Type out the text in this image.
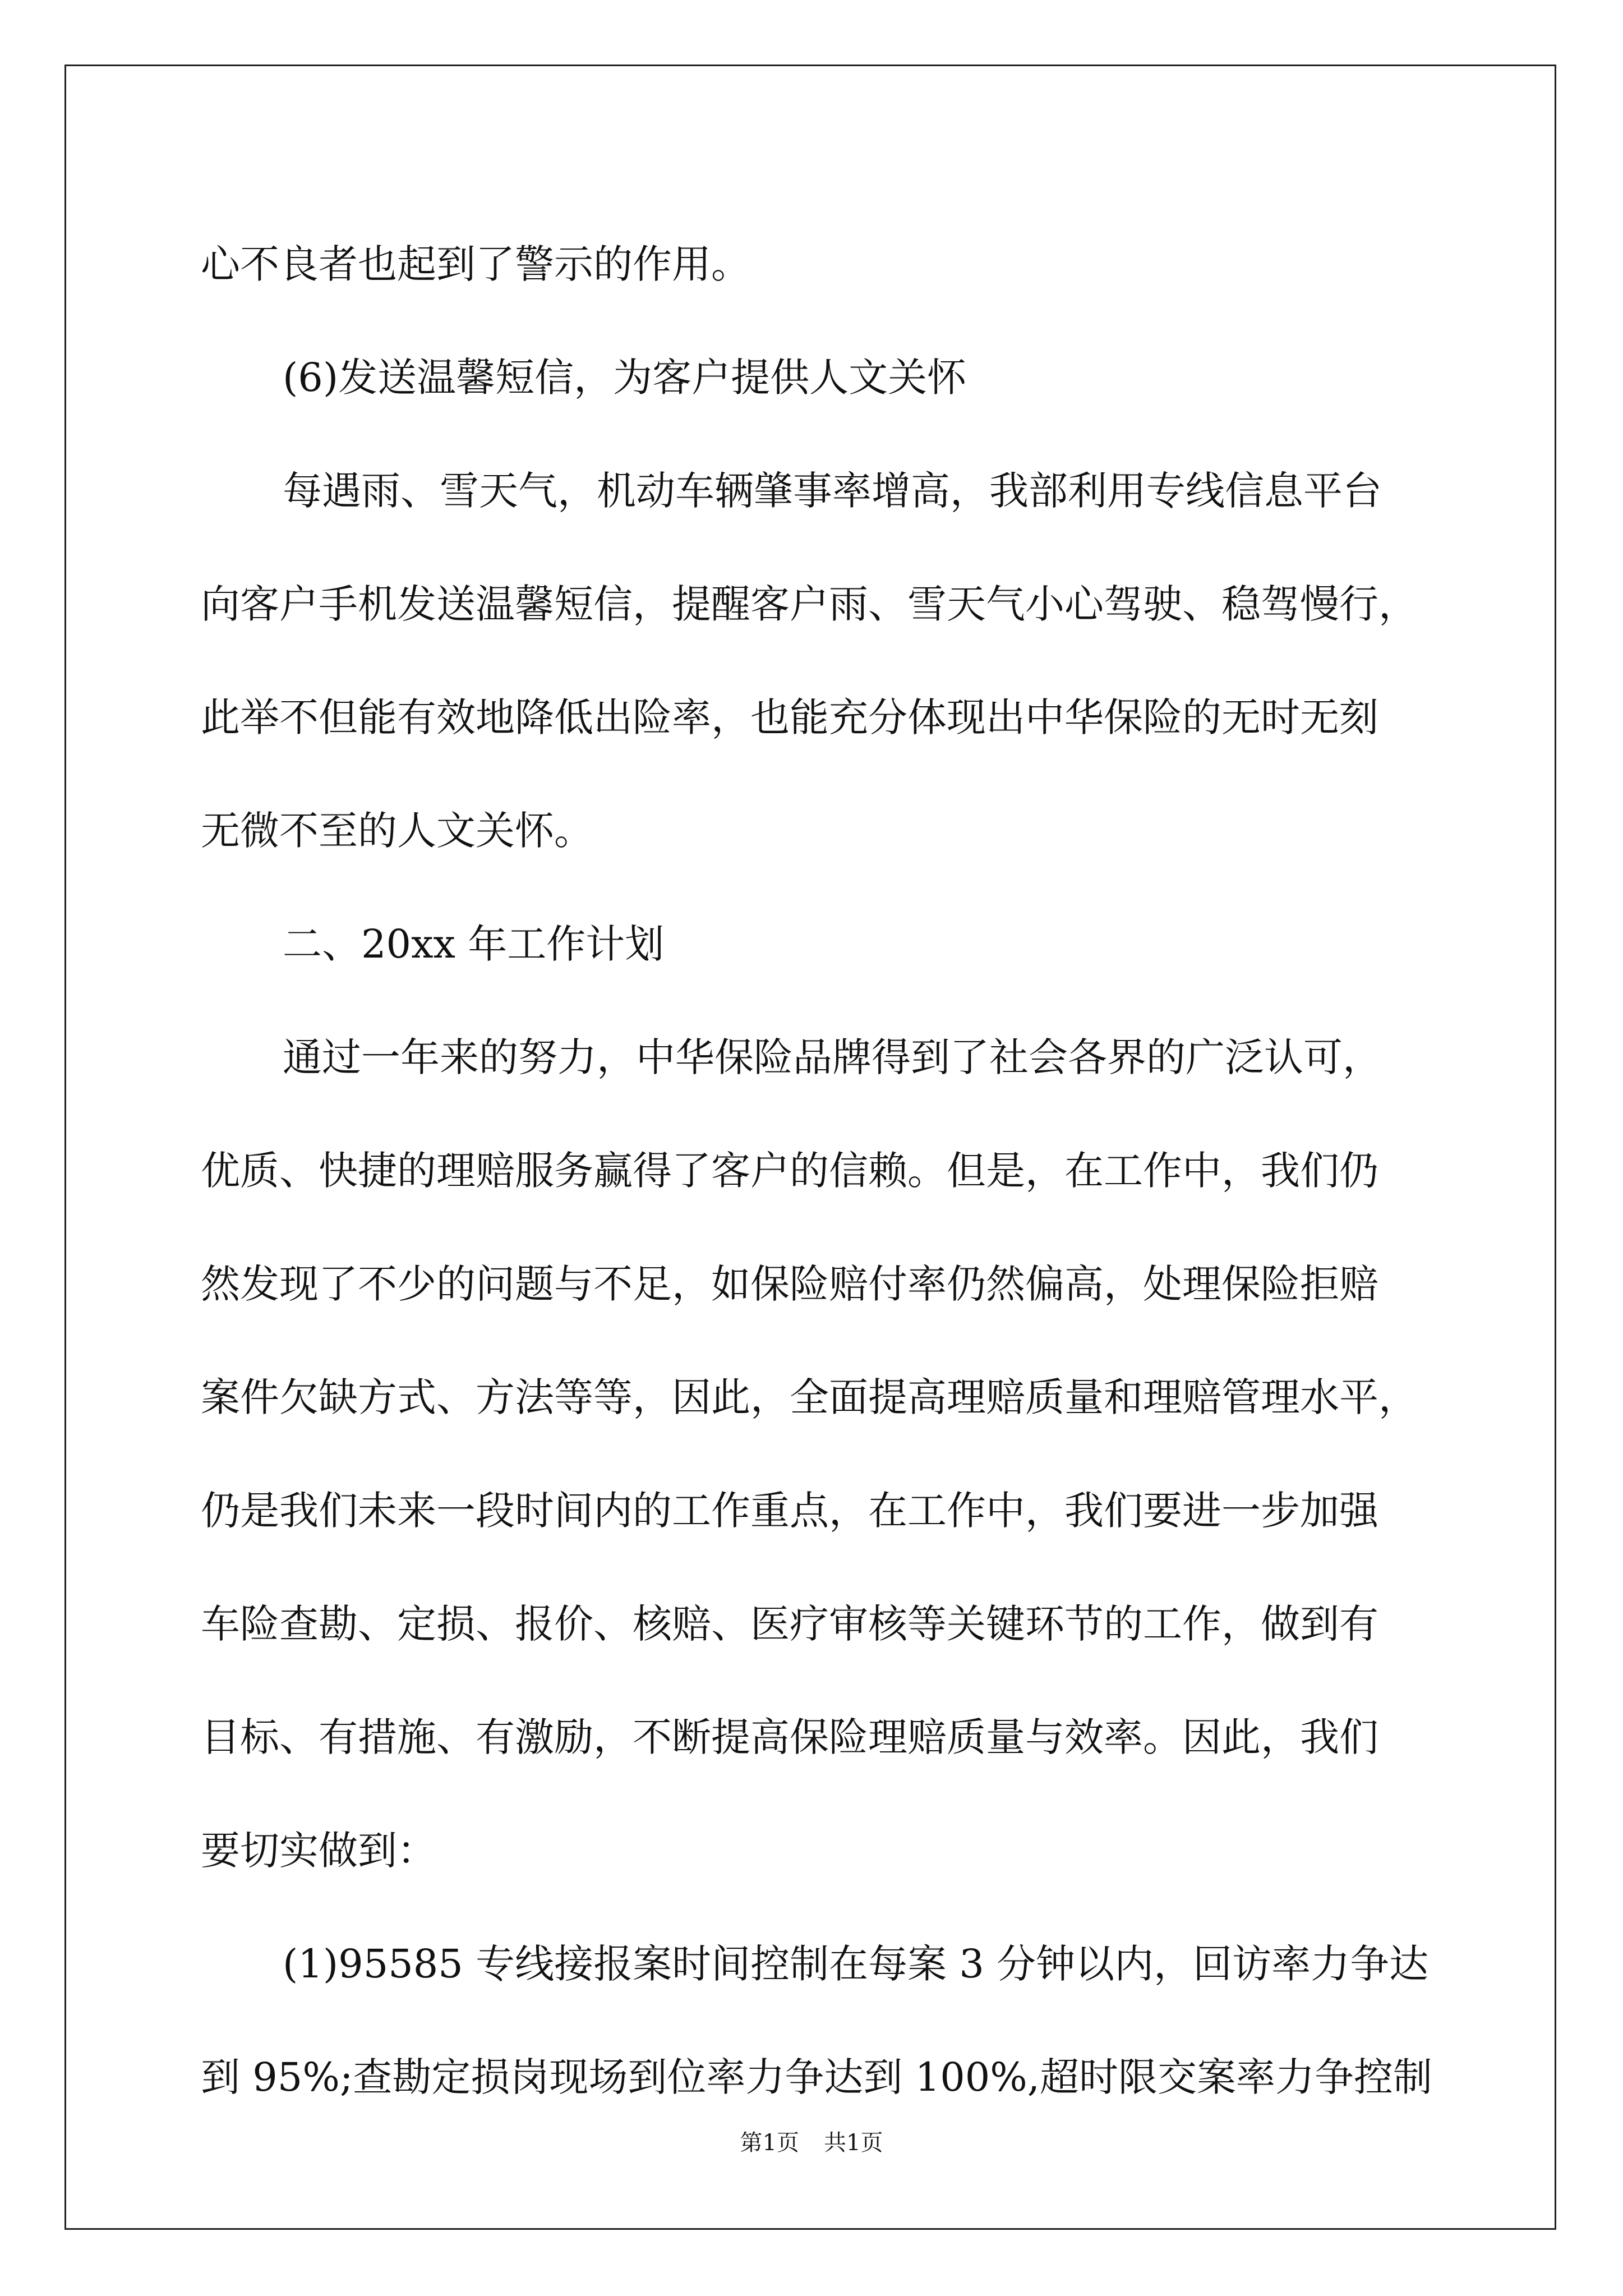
心不良者也起到了警示的作用。
(6)发送温馨短信，为客户提供人文关怀
每遇雨、雪天气，机动车辆肇事率增高，我部利用专线信息平台
向客户手机发送温馨短信，提醒客户雨、雪天气小心驾驶、稳驾慢行，
此举不但能有效地降低出险率，也能充分体现出中华保险的无时无刻
无微不至的人文关怀。
二、20xx 年工作计划
通过一年来的努力，中华保险品牌得到了社会各界的广泛认可，
优质、快捷的理赔服务赢得了客户的信赖。但是，在工作中，我们仍
然发现了不少的问题与不足，如保险赔付率仍然偏高，处理保险拒赔
案件欠缺方式、方法等等，因此，全面提高理赔质量和理赔管理水平，
仍是我们未来一段时间内的工作重点，在工作中，我们要进一步加强
车险查勘、定损、报价、核赔、医疗审核等关键环节的工作，做到有
目标、有措施、有激励，不断提高保险理赔质量与效率。因此，我们
要切实做到：
(1)95585 专线接报案时间控制在每案 3 分钟以内，回访率力争达
到 95%;查勘定损岗现场到位率力争达到 100%,超时限交案率力争控制
第1页 共1页
